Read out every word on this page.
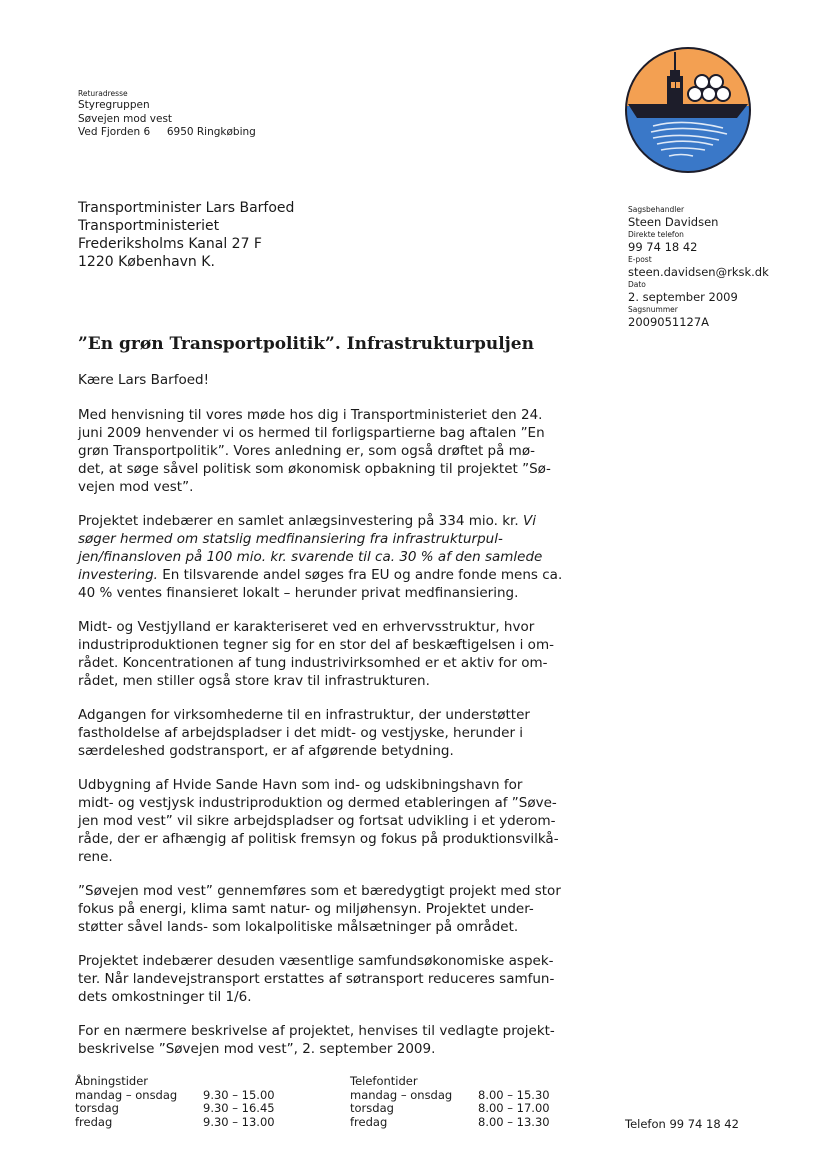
Returadresse
Styregruppen
Søvejen mod vest
Ved Fjorden 6     6950 Ringkøbing
Transportminister Lars Barfoed
Transportministeriet
Frederiksholms Kanal 27 F
1220 København K.
Sagsbehandler
Steen Davidsen
Direkte telefon
99 74 18 42
E-post
steen.davidsen@rksk.dk
Dato
2. september 2009
Sagsnummer
2009051127A
”En grøn Transportpolitik”. Infrastrukturpuljen
Kære Lars Barfoed!
Med henvisning til vores møde hos dig i Transportministeriet den 24.
juni 2009 henvender vi os hermed til forligspartierne bag aftalen ”En
grøn Transportpolitik”. Vores anledning er, som også drøftet på mø-
det, at søge såvel politisk som økonomisk opbakning til projektet ”Sø-
vejen mod vest”.
Projektet indebærer en samlet anlægsinvestering på 334 mio. kr. Vi
søger hermed om statslig medfinansiering fra infrastrukturpul-
jen/finansloven på 100 mio. kr. svarende til ca. 30 % af den samlede
investering. En tilsvarende andel søges fra EU og andre fonde mens ca.
40 % ventes finansieret lokalt – herunder privat medfinansiering.
Midt- og Vestjylland er karakteriseret ved en erhvervsstruktur, hvor
industriproduktionen tegner sig for en stor del af beskæftigelsen i om-
rådet. Koncentrationen af tung industrivirksomhed er et aktiv for om-
rådet, men stiller også store krav til infrastrukturen.
Adgangen for virksomhederne til en infrastruktur, der understøtter
fastholdelse af arbejdspladser i det midt- og vestjyske, herunder i
særdeleshed godstransport, er af afgørende betydning.
Udbygning af Hvide Sande Havn som ind- og udskibningshavn for
midt- og vestjysk industriproduktion og dermed etableringen af ”Søve-
jen mod vest” vil sikre arbejdspladser og fortsat udvikling i et yderom-
råde, der er afhængig af politisk fremsyn og fokus på produktionsvilkå-
rene.
”Søvejen mod vest” gennemføres som et bæredygtigt projekt med stor
fokus på energi, klima samt natur- og miljøhensyn. Projektet under-
støtter såvel lands- som lokalpolitiske målsætninger på området.
Projektet indebærer desuden væsentlige samfundsøkonomiske aspek-
ter. Når landevejstransport erstattes af søtransport reduceres samfun-
dets omkostninger til 1/6.
For en nærmere beskrivelse af projektet, henvises til vedlagte projekt-
beskrivelse ”Søvejen mod vest”, 2. september 2009.
Åbningstider
mandag – onsdag	9.30 – 15.00
torsdag	9.30 – 16.45
fredag	9.30 – 13.00
Telefontider
mandag – onsdag	8.00 – 15.30
torsdag	8.00 – 17.00
fredag	8.00 – 13.30	Telefon 99 74 18 42
